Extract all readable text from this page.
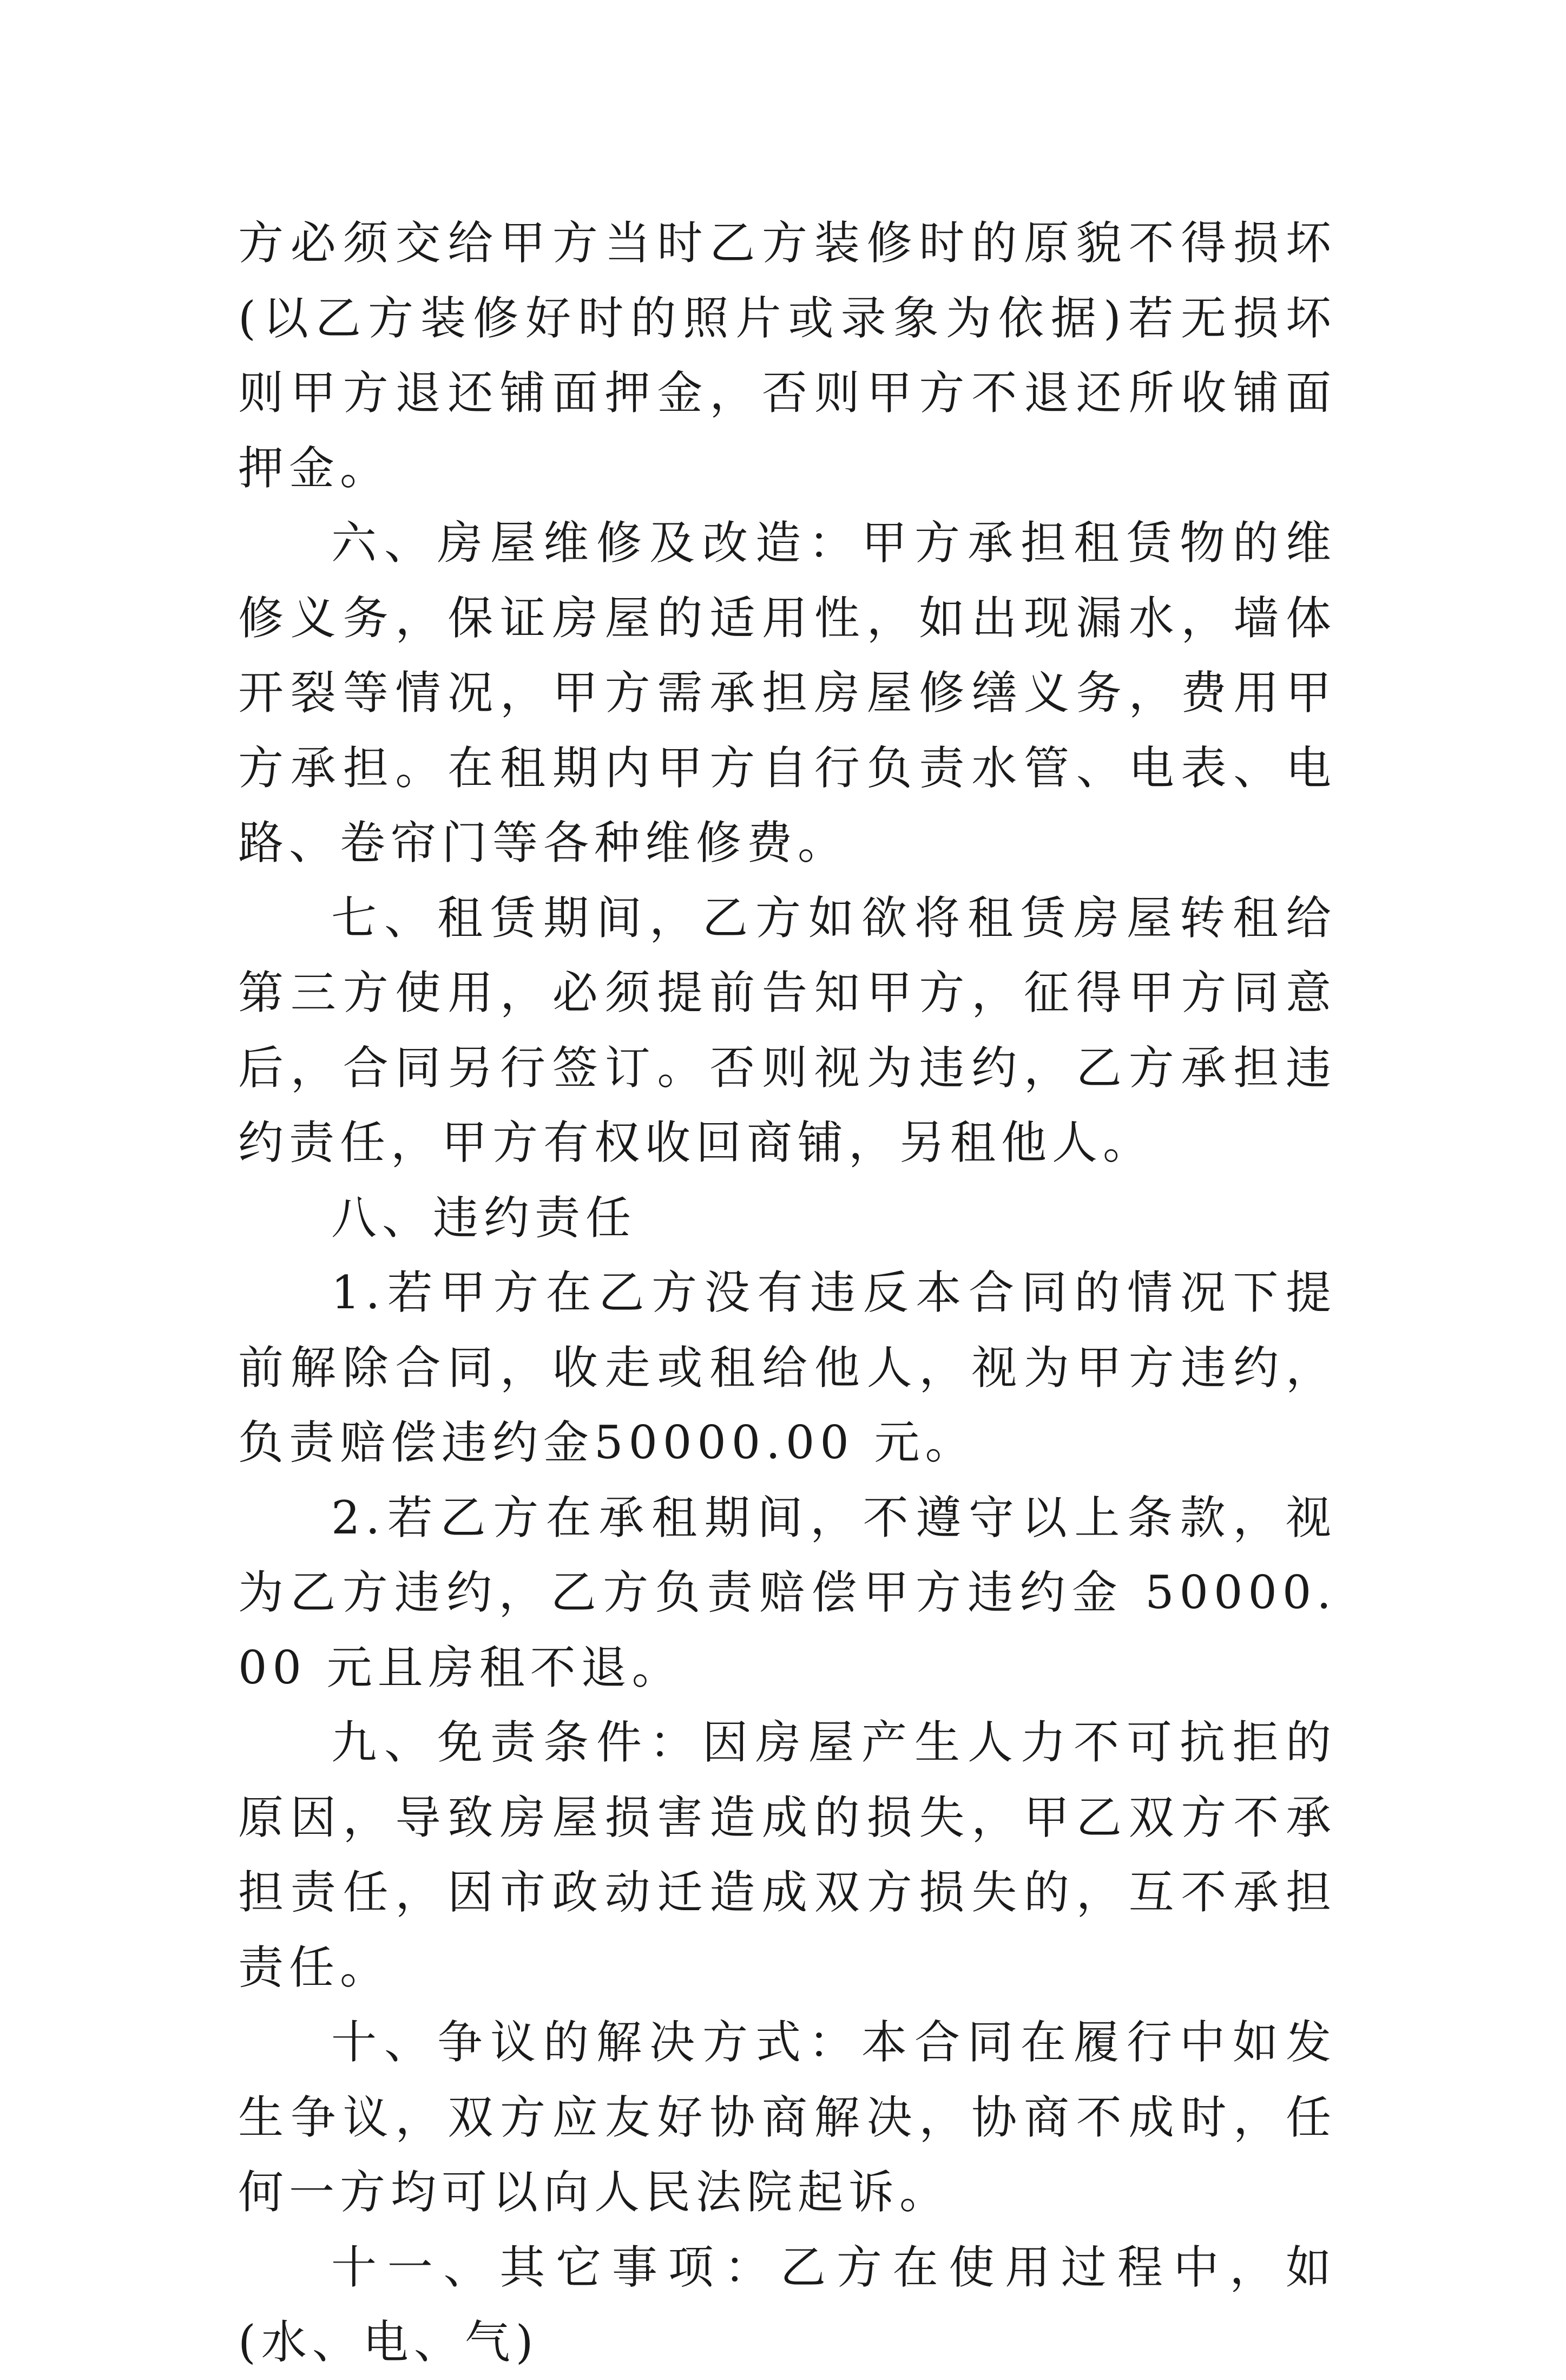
方必须交给甲方当时乙方装修时的原貌不得损坏(以乙方装修好时的照片或录象为依据)若无损坏则甲方退还铺面押金，否则甲方不退还所收铺面押金。

六、房屋维修及改造：甲方承担租赁物的维修义务，保证房屋的适用性，如出现漏水，墙体开裂等情况，甲方需承担房屋修缮义务，费用甲方承担。在租期内甲方自行负责水管、电表、电路、卷帘门等各种维修费。

七、租赁期间，乙方如欲将租赁房屋转租给第三方使用，必须提前告知甲方，征得甲方同意后，合同另行签订。否则视为违约，乙方承担违约责任，甲方有权收回商铺，另租他人。

八、违约责任

1.若甲方在乙方没有违反本合同的情况下提前解除合同，收走或租给他人，视为甲方违约，负责赔偿违约金50000.00 元。

2.若乙方在承租期间，不遵守以上条款，视为乙方违约，乙方负责赔偿甲方违约金 50000.00 元且房租不退。

九、免责条件：因房屋产生人力不可抗拒的原因，导致房屋损害造成的损失，甲乙双方不承担责任，因市政动迁造成双方损失的，互不承担责任。

十、争议的解决方式：本合同在履行中如发生争议，双方应友好协商解决，协商不成时，任何一方均可以向人民法院起诉。

十一、其它事项：乙方在使用过程中，如(水、电、气)
